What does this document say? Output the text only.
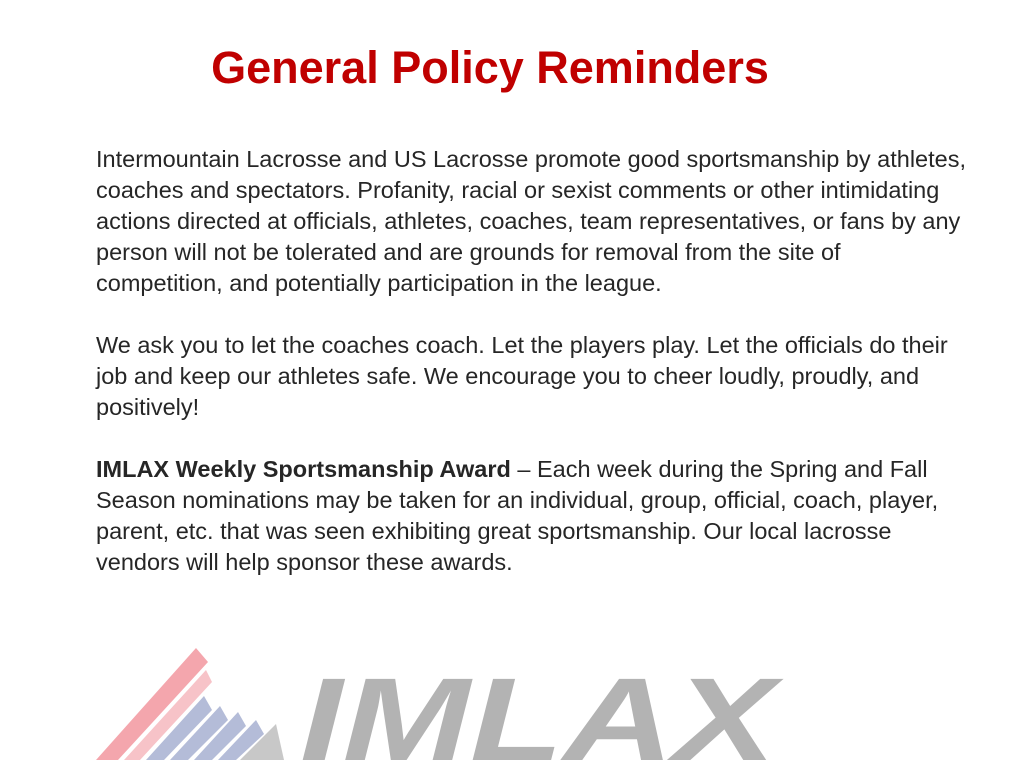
General Policy Reminders

Intermountain Lacrosse and US Lacrosse promote good sportsmanship by athletes, coaches and spectators. Profanity, racial or sexist comments or other intimidating actions directed at officials, athletes, coaches, team representatives, or fans by any person will not be tolerated and are grounds for removal from the site of competition, and potentially participation in the league.

We ask you to let the coaches coach. Let the players play. Let the officials do their job and keep our athletes safe. We encourage you to cheer loudly, proudly, and positively!

IMLAX Weekly Sportsmanship Award – Each week during the Spring and Fall Season nominations may be taken for an individual, group, official, coach, player, parent, etc. that was seen exhibiting great sportsmanship. Our local lacrosse vendors will help sponsor these awards.

IMLAX
